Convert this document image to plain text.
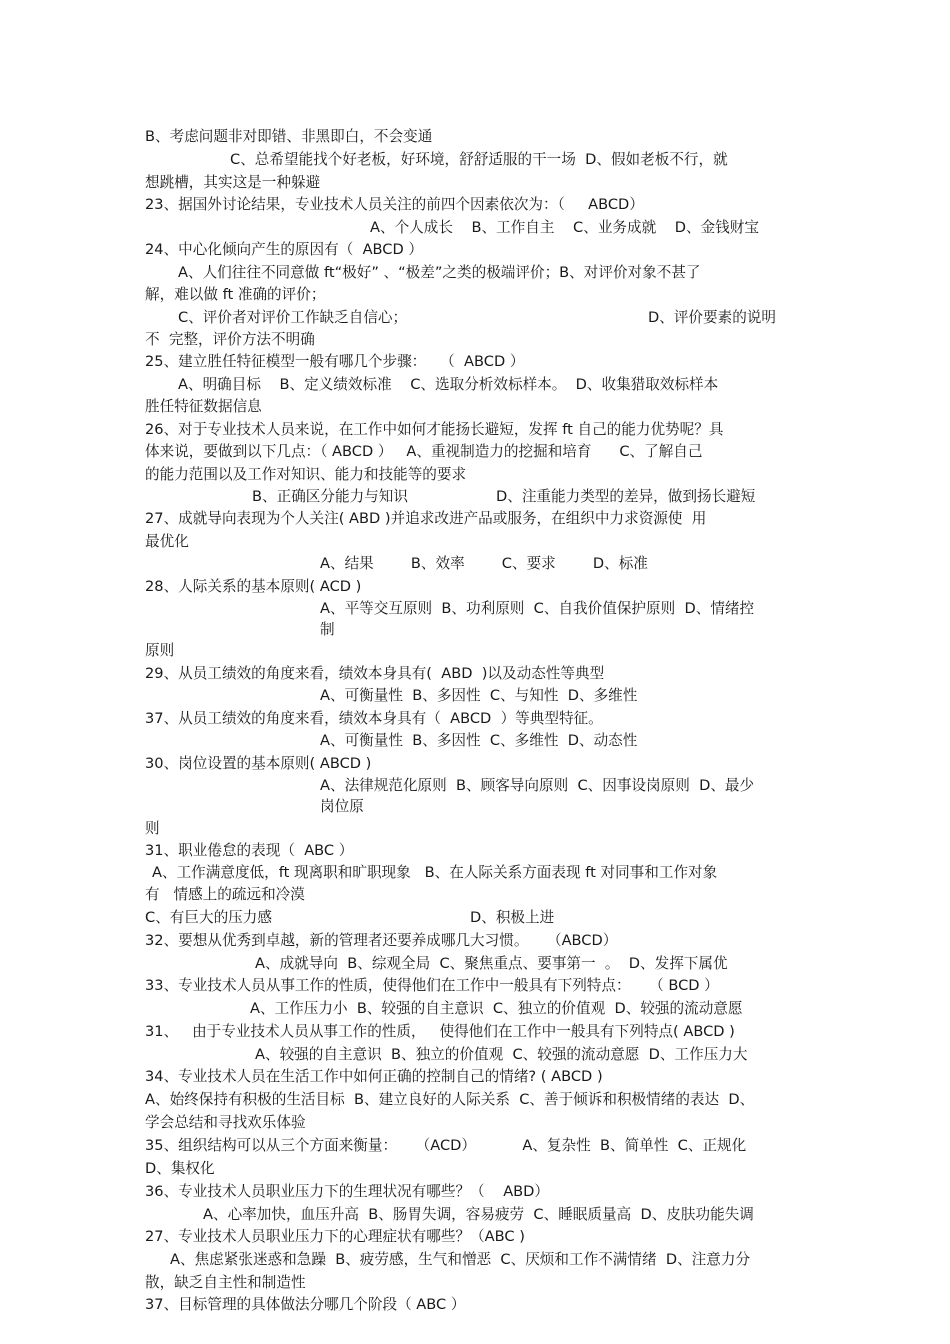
B、考虑问题非对即错、非黑即白，不会变通

C、总希望能找个好老板，好环境，舒舒适服的干一场  D、假如老板不行，就

想跳槽，其实这是一种躲避

23、据国外讨论结果，专业技术人员关注的前四个因素依次为：（     ABCD）

A、个人成长    B、工作自主    C、业务成就    D、金钱财宝

24、中心化倾向产生的原因有（  ABCD ）

A、人们往往不同意做 ft“极好” 、“极差”之类的极端评价；B、对评价对象不甚了

解，难以做 ft 准确的评价；

C、评价者对评价工作缺乏自信心；	D、评价要素的说明

不  完整，评价方法不明确

25、建立胜任特征模型一般有哪几个步骤：   （  ABCD ）

A、明确目标    B、定义绩效标准    C、选取分析效标样本。  D、收集猎取效标样本

胜任特征数据信息

26、对于专业技术人员来说，在工作中如何才能扬长避短，发挥 ft 自己的能力优势呢？具

体来说，要做到以下几点：（ ABCD ）   A、重视制造力的挖掘和培育      C、了解自己

的能力范围以及工作对知识、能力和技能等的要求

B、正确区分能力与知识	D、注重能力类型的差异，做到扬长避短

27、成就导向表现为个人关注( ABD )并追求改进产品或服务，在组织中力求资源使  用

最优化

A、结果        B、效率        C、要求        D、标准

28、人际关系的基本原则( ACD )

A、平等交互原则  B、功利原则  C、自我价值保护原则  D、情绪控

制

原则

29、从员工绩效的角度来看，绩效本身具有(  ABD  )以及动态性等典型

A、可衡量性  B、多因性  C、与知性  D、多维性

37、从员工绩效的角度来看，绩效本身具有（  ABCD  ）等典型特征。

A、可衡量性  B、多因性  C、多维性  D、动态性

30、岗位设置的基本原则( ABCD )

A、法律规范化原则  B、顾客导向原则  C、因事设岗原则  D、最少

岗位原

则

31、职业倦怠的表现（  ABC ）

A、工作满意度低，ft 现离职和旷职现象   B、在人际关系方面表现 ft 对同事和工作对象

有   情感上的疏远和冷漠

C、有巨大的压力感	D、积极上进

32、要想从优秀到卓越，新的管理者还要养成哪几大习惯。    （ABCD）

A、成就导向  B、综观全局  C、聚焦重点、要事第一  。  D、发挥下属优

33、专业技术人员从事工作的性质，使得他们在工作中一般具有下列特点：    （ BCD ）

A、工作压力小  B、较强的自主意识  C、独立的价值观  D、较强的流动意愿

31、   由于专业技术人员从事工作的性质，   使得他们在工作中一般具有下列特点( ABCD )

A、较强的自主意识  B、独立的价值观  C、较强的流动意愿  D、工作压力大

34、专业技术人员在生活工作中如何正确的控制自己的情绪? ( ABCD )

A、始终保持有积极的生活目标  B、建立良好的人际关系  C、善于倾诉和积极情绪的表达  D、

学会总结和寻找欢乐体验

35、组织结构可以从三个方面来衡量：    （ACD）          A、复杂性  B、简单性  C、正规化

D、集权化

36、专业技术人员职业压力下的生理状况有哪些？（    ABD）

A、心率加快，血压升高  B、肠胃失调，容易疲劳  C、睡眠质量高  D、皮肤功能失调

27、专业技术人员职业压力下的心理症状有哪些？（ABC )

A、焦虑紧张迷惑和急躁  B、疲劳感，生气和憎恶  C、厌烦和工作不满情绪  D、注意力分

散，缺乏自主性和制造性

37、目标管理的具体做法分哪几个阶段（ ABC ）
